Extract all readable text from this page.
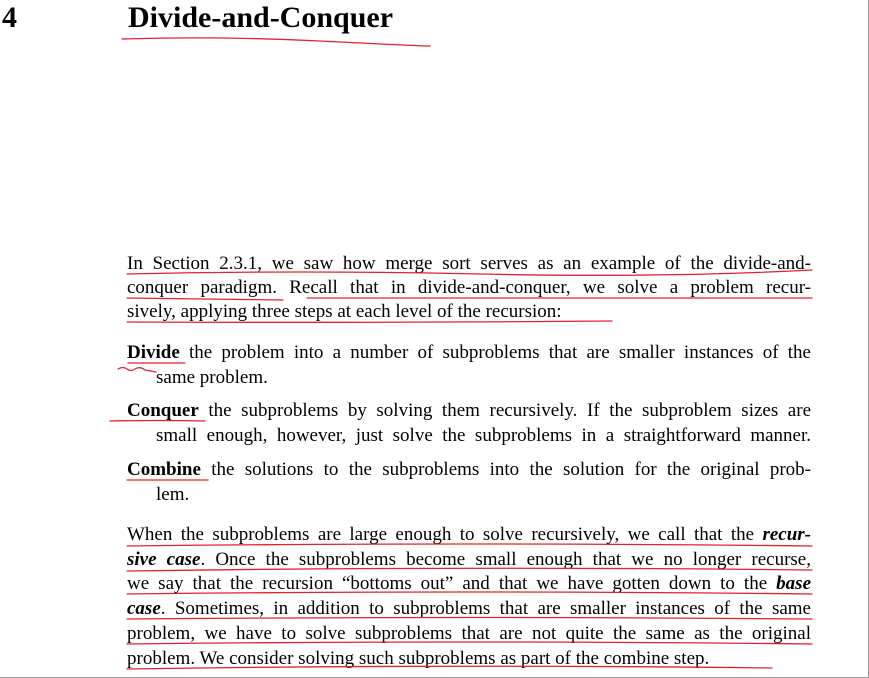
4	Divide-and-Conquer
In Section 2.3.1, we saw how merge sort serves as an example of the divide-and-
conquer paradigm. Recall that in divide-and-conquer, we solve a problem recur-
sively, applying three steps at each level of the recursion:
Divide the problem into a number of subproblems that are smaller instances of the
same problem.
Conquer the subproblems by solving them recursively. If the subproblem sizes are
small enough, however, just solve the subproblems in a straightforward manner.
Combine the solutions to the subproblems into the solution for the original prob-
lem.
When the subproblems are large enough to solve recursively, we call that the recur-
sive case. Once the subproblems become small enough that we no longer recurse,
we say that the recursion “bottoms out” and that we have gotten down to the base
case. Sometimes, in addition to subproblems that are smaller instances of the same
problem, we have to solve subproblems that are not quite the same as the original
problem. We consider solving such subproblems as part of the combine step.
